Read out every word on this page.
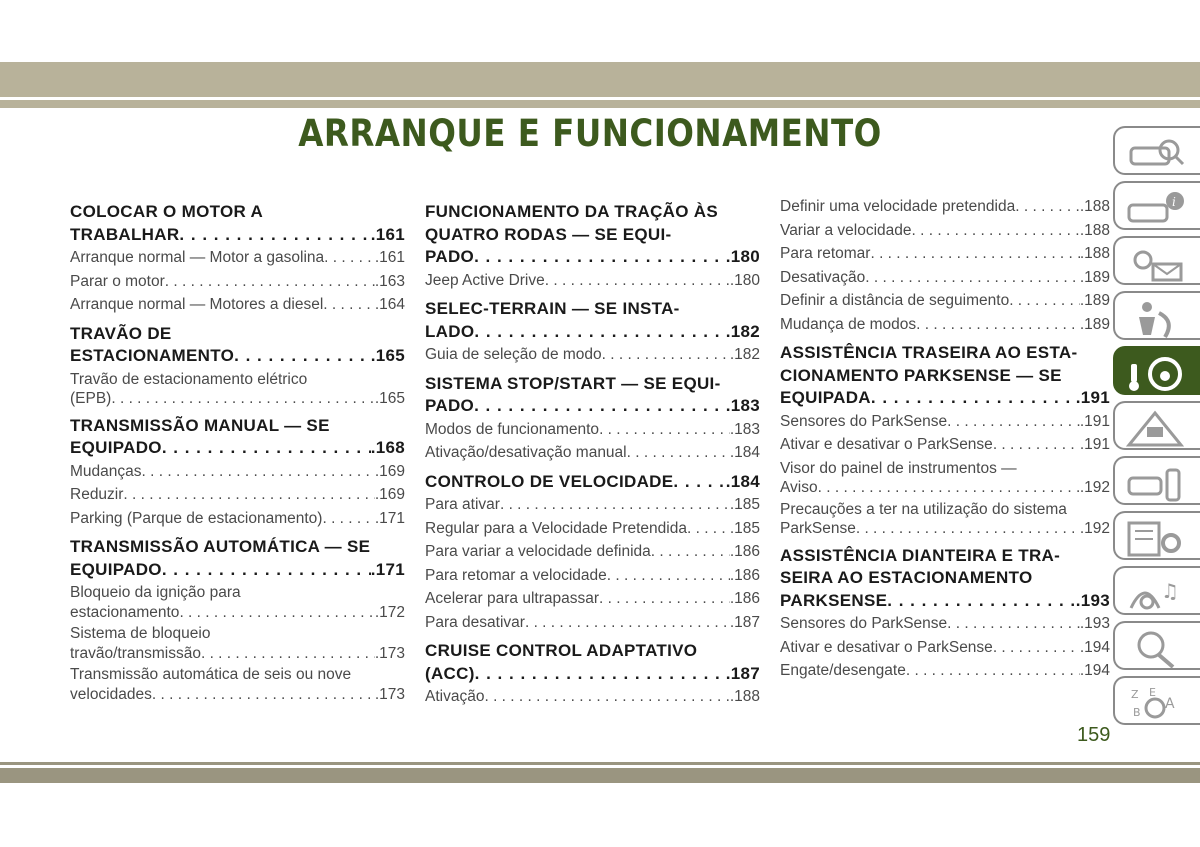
ARRANQUE E FUNCIONAMENTO
COLOCAR O MOTOR A
TRABALHAR . . .	.161
Arranque normal — Motor a gasolina . . .	.161
Parar o motor . . .	.163
Arranque normal — Motores a diesel . . .	.164
TRAVÃO DE
ESTACIONAMENTO . . .	.165
Travão de estacionamento elétrico
(EPB) . . .	.165
TRANSMISSÃO MANUAL — SE
EQUIPADO . . .	.168
Mudanças . . .	.169
Reduzir . . .	.169
Parking (Parque de estacionamento) . . .	.171
TRANSMISSÃO AUTOMÁTICA — SE
EQUIPADO . . .	.171
Bloqueio da ignição para
estacionamento . . .	.172
Sistema de bloqueio
travão/transmissão . . .	.173
Transmissão automática de seis ou nove
velocidades . . .	.173
FUNCIONAMENTO DA TRAÇÃO ÀS
QUATRO RODAS — SE EQUI-
PADO . . .	.180
Jeep Active Drive . . .	.180
SELEC-TERRAIN — SE INSTA-
LADO . . .	.182
Guia de seleção de modo . . .	.182
SISTEMA STOP/START — SE EQUI-
PADO . . .	.183
Modos de funcionamento . . .	.183
Ativação/desativação manual . . .	.184
CONTROLO DE VELOCIDADE . . .	.184
Para ativar . . .	.185
Regular para a Velocidade Pretendida . . .	.185
Para variar a velocidade definida . . .	.186
Para retomar a velocidade . . .	.186
Acelerar para ultrapassar . . .	.186
Para desativar . . .	.187
CRUISE CONTROL ADAPTATIVO
(ACC) . . .	.187
Ativação . . .	.188
Definir uma velocidade pretendida . . .	.188
Variar a velocidade . . .	.188
Para retomar . . .	.188
Desativação . . .	.189
Definir a distância de seguimento . . .	.189
Mudança de modos . . .	.189
ASSISTÊNCIA TRASEIRA AO ESTA-
CIONAMENTO PARKSENSE — SE
EQUIPADA . . .	.191
Sensores do ParkSense . . .	.191
Ativar e desativar o ParkSense . . .	.191
Visor do painel de instrumentos —
Aviso . . .	.192
Precauções a ter na utilização do sistema
ParkSense . . .	.192
ASSISTÊNCIA DIANTEIRA E TRA-
SEIRA AO ESTACIONAMENTO
PARKSENSE . . .	.193
Sensores do ParkSense . . .	.193
Ativar e desativar o ParkSense . . .	.194
Engate/desengate . . .	.194
i
♫
Z E
A
B
159
